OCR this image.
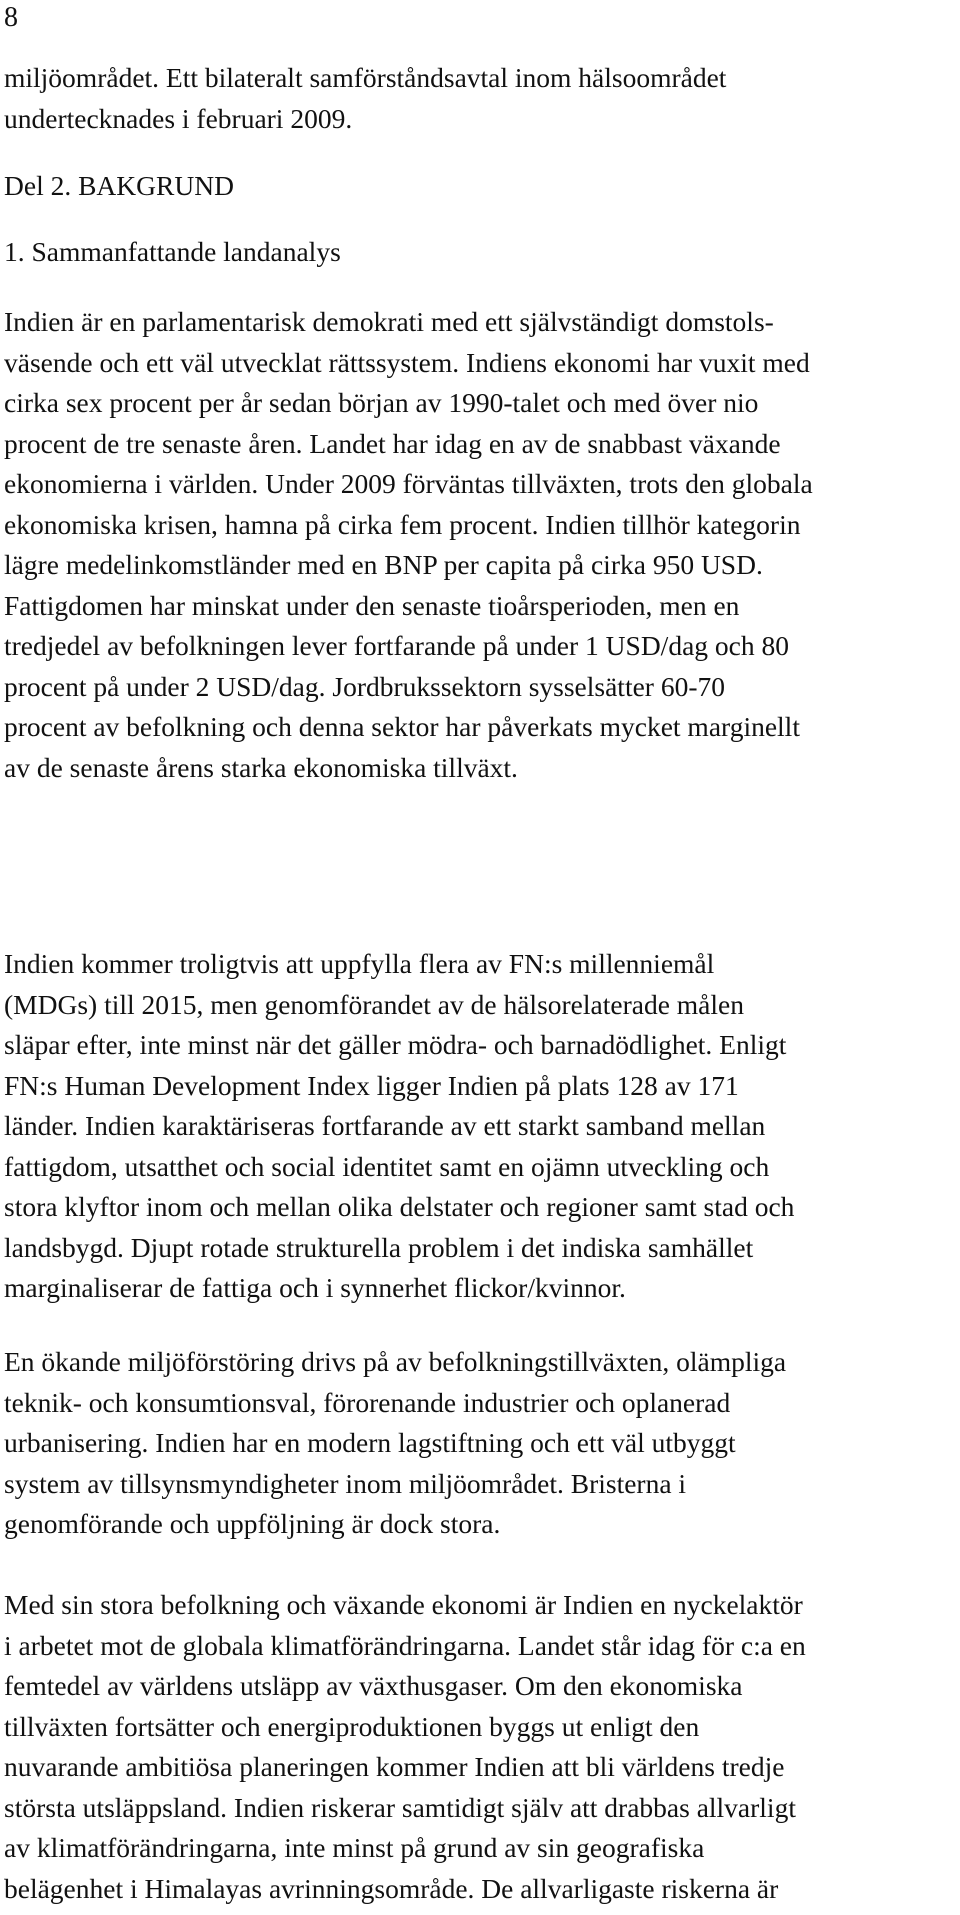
8
miljöområdet. Ett bilateralt samförståndsavtal inom hälsoområdet
undertecknades i februari 2009.
Del 2. BAKGRUND
1. Sammanfattande landanalys
Indien är en parlamentarisk demokrati med ett självständigt domstols-
väsende och ett väl utvecklat rättssystem. Indiens ekonomi har vuxit med
cirka sex procent per år sedan början av 1990-talet och med över nio
procent de tre senaste åren. Landet har idag en av de snabbast växande
ekonomierna i världen. Under 2009 förväntas tillväxten, trots den globala
ekonomiska krisen, hamna på cirka fem procent. Indien tillhör kategorin
lägre medelinkomstländer med en BNP per capita på cirka 950 USD.
Fattigdomen har minskat under den senaste tioårsperioden, men en
tredjedel av befolkningen lever fortfarande på under 1 USD/dag och 80
procent på under 2 USD/dag. Jordbrukssektorn sysselsätter 60-70
procent av befolkning och denna sektor har påverkats mycket marginellt
av de senaste årens starka ekonomiska tillväxt.
Indien kommer troligtvis att uppfylla flera av FN:s millenniemål
(MDGs) till 2015, men genomförandet av de hälsorelaterade målen
släpar efter, inte minst när det gäller mödra- och barnadödlighet. Enligt
FN:s Human Development Index ligger Indien på plats 128 av 171
länder. Indien karaktäriseras fortfarande av ett starkt samband mellan
fattigdom, utsatthet och social identitet samt en ojämn utveckling och
stora klyftor inom och mellan olika delstater och regioner samt stad och
landsbygd. Djupt rotade strukturella problem i det indiska samhället
marginaliserar de fattiga och i synnerhet flickor/kvinnor.
En ökande miljöförstöring drivs på av befolkningstillväxten, olämpliga
teknik- och konsumtionsval, förorenande industrier och oplanerad
urbanisering. Indien har en modern lagstiftning och ett väl utbyggt
system av tillsynsmyndigheter inom miljöområdet. Bristerna i
genomförande och uppföljning är dock stora.
Med sin stora befolkning och växande ekonomi är Indien en nyckelaktör
i arbetet mot de globala klimatförändringarna. Landet står idag för c:a en
femtedel av världens utsläpp av växthusgaser. Om den ekonomiska
tillväxten fortsätter och energiproduktionen byggs ut enligt den
nuvarande ambitiösa planeringen kommer Indien att bli världens tredje
största utsläppsland. Indien riskerar samtidigt själv att drabbas allvarligt
av klimatförändringarna, inte minst på grund av sin geografiska
belägenhet i Himalayas avrinningsområde. De allvarligaste riskerna är
